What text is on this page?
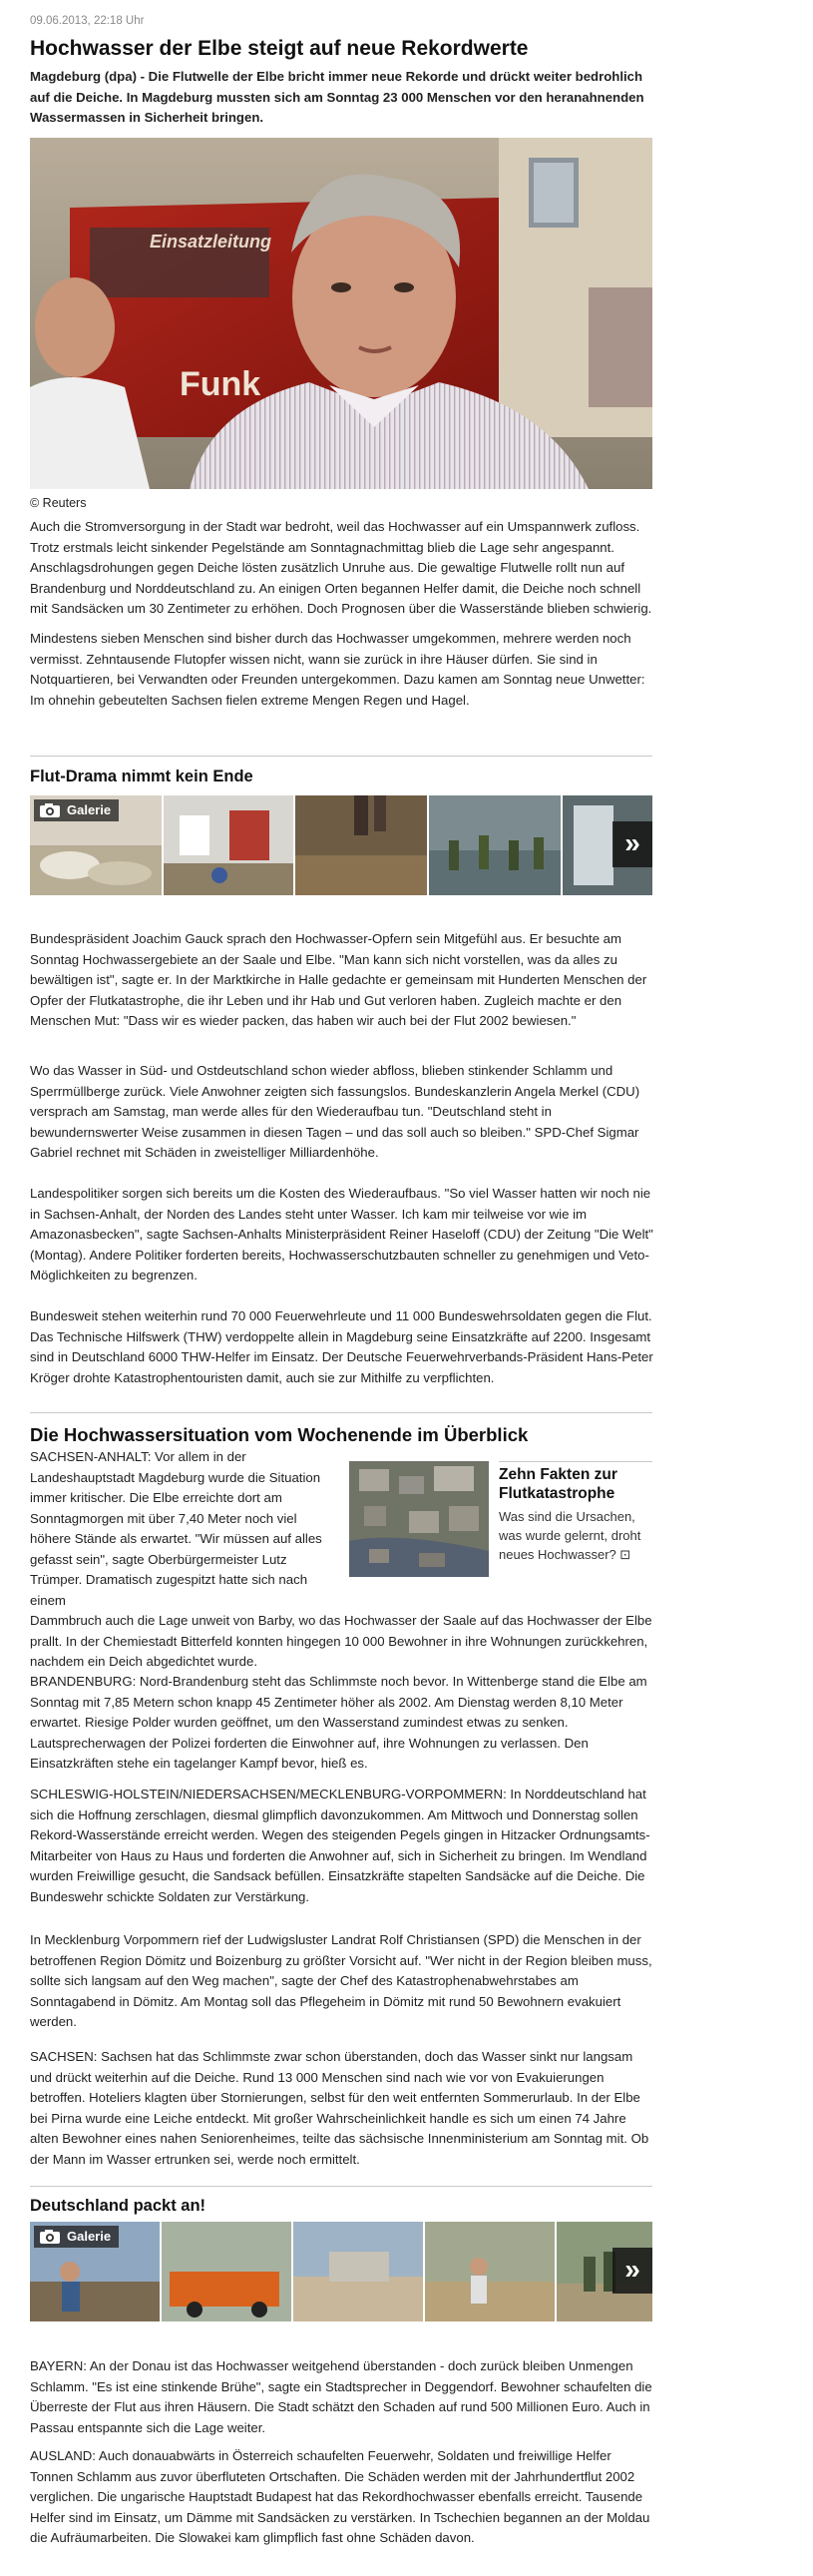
09.06.2013, 22:18 Uhr
Hochwasser der Elbe steigt auf neue Rekordwerte
Magdeburg (dpa) - Die Flutwelle der Elbe bricht immer neue Rekorde und drückt weiter bedrohlich auf die Deiche. In Magdeburg mussten sich am Sonntag 23 000 Menschen vor den heranahnenden Wassermassen in Sicherheit bringen.
Einsatzleitung
Funk
© Reuters

Auch die Stromversorgung in der Stadt war bedroht, weil das Hochwasser auf ein Umspannwerk zufloss. Trotz erstmals leicht sinkender Pegelstände am Sonntagnachmittag blieb die Lage sehr angespannt. Anschlagsdrohungen gegen Deiche lösten zusätzlich Unruhe aus. Die gewaltige Flutwelle rollt nun auf Brandenburg und Norddeutschland zu. An einigen Orten begannen Helfer damit, die Deiche noch schnell mit Sandsäcken um 30 Zentimeter zu erhöhen. Doch Prognosen über die Wasserstände blieben schwierig.

Mindestens sieben Menschen sind bisher durch das Hochwasser umgekommen, mehrere werden noch vermisst. Zehntausende Flutopfer wissen nicht, wann sie zurück in ihre Häuser dürfen. Sie sind in Notquartieren, bei Verwandten oder Freunden untergekommen. Dazu kamen am Sonntag neue Unwetter: Im ohnehin gebeutelten Sachsen fielen extreme Mengen Regen und Hagel.

Flut-Drama nimmt kein Ende
Galerie
»

Bundespräsident Joachim Gauck sprach den Hochwasser-Opfern sein Mitgefühl aus. Er besuchte am Sonntag Hochwassergebiete an der Saale und Elbe. "Man kann sich nicht vorstellen, was da alles zu bewältigen ist", sagte er. In der Marktkirche in Halle gedachte er gemeinsam mit Hunderten Menschen der Opfer der Flutkatastrophe, die ihr Leben und ihr Hab und Gut verloren haben. Zugleich machte er den Menschen Mut: "Dass wir es wieder packen, das haben wir auch bei der Flut 2002 bewiesen."

Wo das Wasser in Süd- und Ostdeutschland schon wieder abfloss, blieben stinkender Schlamm und Sperrmüllberge zurück. Viele Anwohner zeigten sich fassungslos. Bundeskanzlerin Angela Merkel (CDU) versprach am Samstag, man werde alles für den Wiederaufbau tun. "Deutschland steht in bewundernswerter Weise zusammen in diesen Tagen – und das soll auch so bleiben." SPD-Chef Sigmar Gabriel rechnet mit Schäden in zweistelliger Milliardenhöhe.

Landespolitiker sorgen sich bereits um die Kosten des Wiederaufbaus. "So viel Wasser hatten wir noch nie in Sachsen-Anhalt, der Norden des Landes steht unter Wasser. Ich kam mir teilweise vor wie im Amazonasbecken", sagte Sachsen-Anhalts Ministerpräsident Reiner Haseloff (CDU) der Zeitung "Die Welt" (Montag). Andere Politiker forderten bereits, Hochwasserschutzbauten schneller zu genehmigen und Veto-Möglichkeiten zu begrenzen.

Bundesweit stehen weiterhin rund 70 000 Feuerwehrleute und 11 000 Bundeswehrsoldaten gegen die Flut. Das Technische Hilfswerk (THW) verdoppelte allein in Magdeburg seine Einsatzkräfte auf 2200. Insgesamt sind in Deutschland 6000 THW-Helfer im Einsatz. Der Deutsche Feuerwehrverbands-Präsident Hans-Peter Kröger drohte Katastrophentouristen damit, auch sie zur Mithilfe zu verpflichten.

Die Hochwassersituation vom Wochenende im Überblick
SACHSEN-ANHALT: Vor allem in der Landeshauptstadt Magdeburg wurde die Situation immer kritischer. Die Elbe erreichte dort am Sonntagmorgen mit über 7,40 Meter noch viel höhere Stände als erwartet. "Wir müssen auf alles gefasst sein", sagte Oberbürgermeister Lutz Trümper. Dramatisch zugespitzt hatte sich nach einem
Zehn Fakten zur Flutkatastrophe
Was sind die Ursachen, was wurde gelernt, droht neues Hochwasser? ⊡

Dammbruch auch die Lage unweit von Barby, wo das Hochwasser der Saale auf das Hochwasser der Elbe prallt. In der Chemiestadt Bitterfeld konnten hingegen 10 000 Bewohner in ihre Wohnungen zurückkehren, nachdem ein Deich abgedichtet wurde.

BRANDENBURG: Nord-Brandenburg steht das Schlimmste noch bevor. In Wittenberge stand die Elbe am Sonntag mit 7,85 Metern schon knapp 45 Zentimeter höher als 2002. Am Dienstag werden 8,10 Meter erwartet. Riesige Polder wurden geöffnet, um den Wasserstand zumindest etwas zu senken. Lautsprecherwagen der Polizei forderten die Einwohner auf, ihre Wohnungen zu verlassen. Den Einsatzkräften stehe ein tagelanger Kampf bevor, hieß es.

SCHLESWIG-HOLSTEIN/NIEDERSACHSEN/MECKLENBURG-VORPOMMERN: In Norddeutschland hat sich die Hoffnung zerschlagen, diesmal glimpflich davonzukommen. Am Mittwoch und Donnerstag sollen Rekord-Wasserstände erreicht werden. Wegen des steigenden Pegels gingen in Hitzacker Ordnungsamts-Mitarbeiter von Haus zu Haus und forderten die Anwohner auf, sich in Sicherheit zu bringen. Im Wendland wurden Freiwillige gesucht, die Sandsack befüllen. Einsatzkräfte stapelten Sandsäcke auf die Deiche. Die Bundeswehr schickte Soldaten zur Verstärkung.

In Mecklenburg Vorpommern rief der Ludwigsluster Landrat Rolf Christiansen (SPD) die Menschen in der betroffenen Region Dömitz und Boizenburg zu größter Vorsicht auf. "Wer nicht in der Region bleiben muss, sollte sich langsam auf den Weg machen", sagte der Chef des Katastrophenabwehrstabes am Sonntagabend in Dömitz. Am Montag soll das Pflegeheim in Dömitz mit rund 50 Bewohnern evakuiert werden.

SACHSEN: Sachsen hat das Schlimmste zwar schon überstanden, doch das Wasser sinkt nur langsam und drückt weiterhin auf die Deiche. Rund 13 000 Menschen sind nach wie vor von Evakuierungen betroffen. Hoteliers klagten über Stornierungen, selbst für den weit entfernten Sommerurlaub. In der Elbe bei Pirna wurde eine Leiche entdeckt. Mit großer Wahrscheinlichkeit handle es sich um einen 74 Jahre alten Bewohner eines nahen Seniorenheimes, teilte das sächsische Innenministerium am Sonntag mit. Ob der Mann im Wasser ertrunken sei, werde noch ermittelt.

Deutschland packt an!
Galerie
»

BAYERN: An der Donau ist das Hochwasser weitgehend überstanden - doch zurück bleiben Unmengen Schlamm. "Es ist eine stinkende Brühe", sagte ein Stadtsprecher in Deggendorf. Bewohner schaufelten die Überreste der Flut aus ihren Häusern. Die Stadt schätzt den Schaden auf rund 500 Millionen Euro. Auch in Passau entspannte sich die Lage weiter.

AUSLAND: Auch donauabwärts in Österreich schaufelten Feuerwehr, Soldaten und freiwillige Helfer Tonnen Schlamm aus zuvor überfluteten Ortschaften. Die Schäden werden mit der Jahrhundertflut 2002 verglichen. Die ungarische Hauptstadt Budapest hat das Rekordhochwasser ebenfalls erreicht. Tausende Helfer sind im Einsatz, um Dämme mit Sandsäcken zu verstärken. In Tschechien begannen an der Moldau die Aufräumarbeiten. Die Slowakei kam glimpflich fast ohne Schäden davon.
